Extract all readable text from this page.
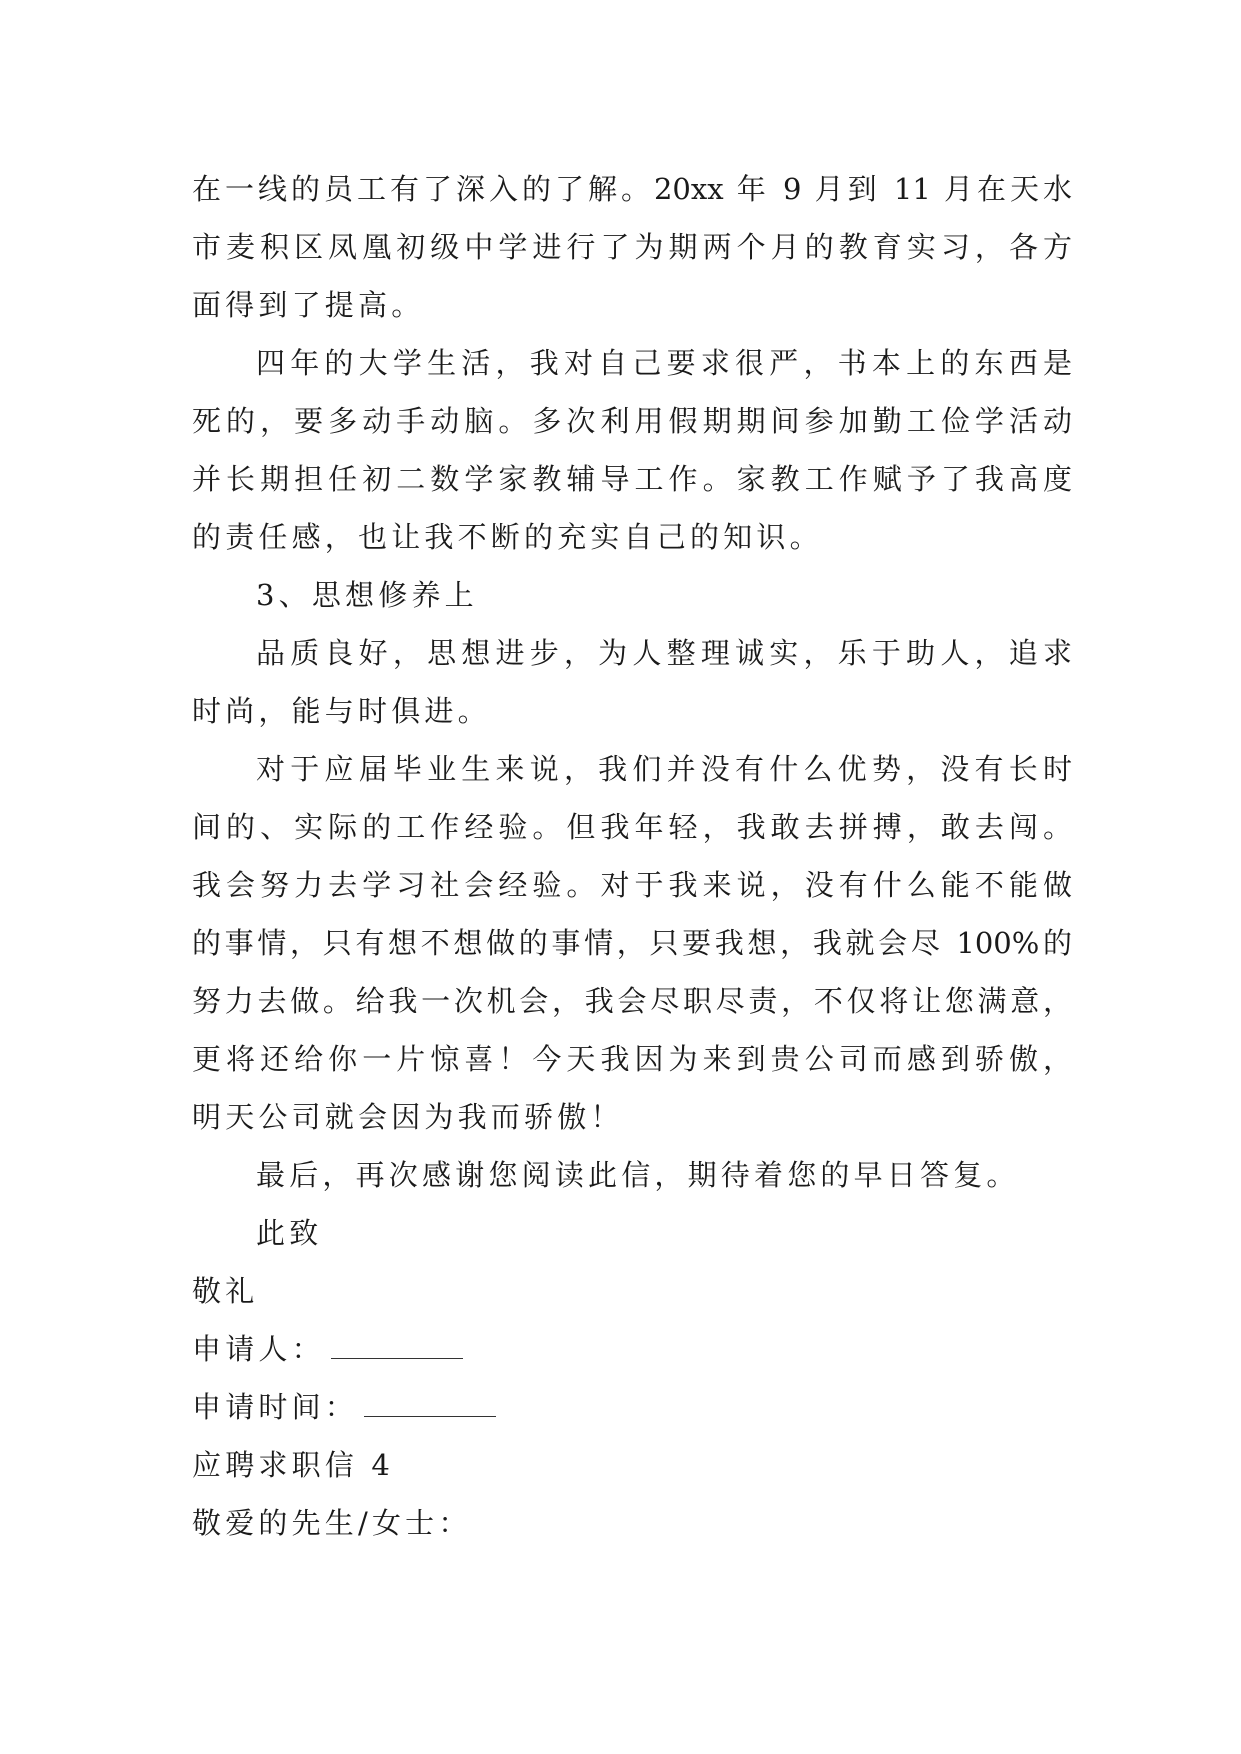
在一线的员工有了深入的了解。20xx 年 9 月到 11 月在天水
市麦积区凤凰初级中学进行了为期两个月的教育实习，各方
面得到了提高。
四年的大学生活，我对自己要求很严，书本上的东西是
死的，要多动手动脑。多次利用假期期间参加勤工俭学活动
并长期担任初二数学家教辅导工作。家教工作赋予了我高度
的责任感，也让我不断的充实自己的知识。
3、思想修养上
品质良好，思想进步，为人整理诚实，乐于助人，追求
时尚，能与时俱进。
对于应届毕业生来说，我们并没有什么优势，没有长时
间的、实际的工作经验。但我年轻，我敢去拼搏，敢去闯。
我会努力去学习社会经验。对于我来说，没有什么能不能做
的事情，只有想不想做的事情，只要我想，我就会尽 100%的
努力去做。给我一次机会，我会尽职尽责，不仅将让您满意，
更将还给你一片惊喜！今天我因为来到贵公司而感到骄傲，
明天公司就会因为我而骄傲！
最后，再次感谢您阅读此信，期待着您的早日答复。
此致
敬礼
申请人：
申请时间：
应聘求职信 4
敬爱的先生/女士：
